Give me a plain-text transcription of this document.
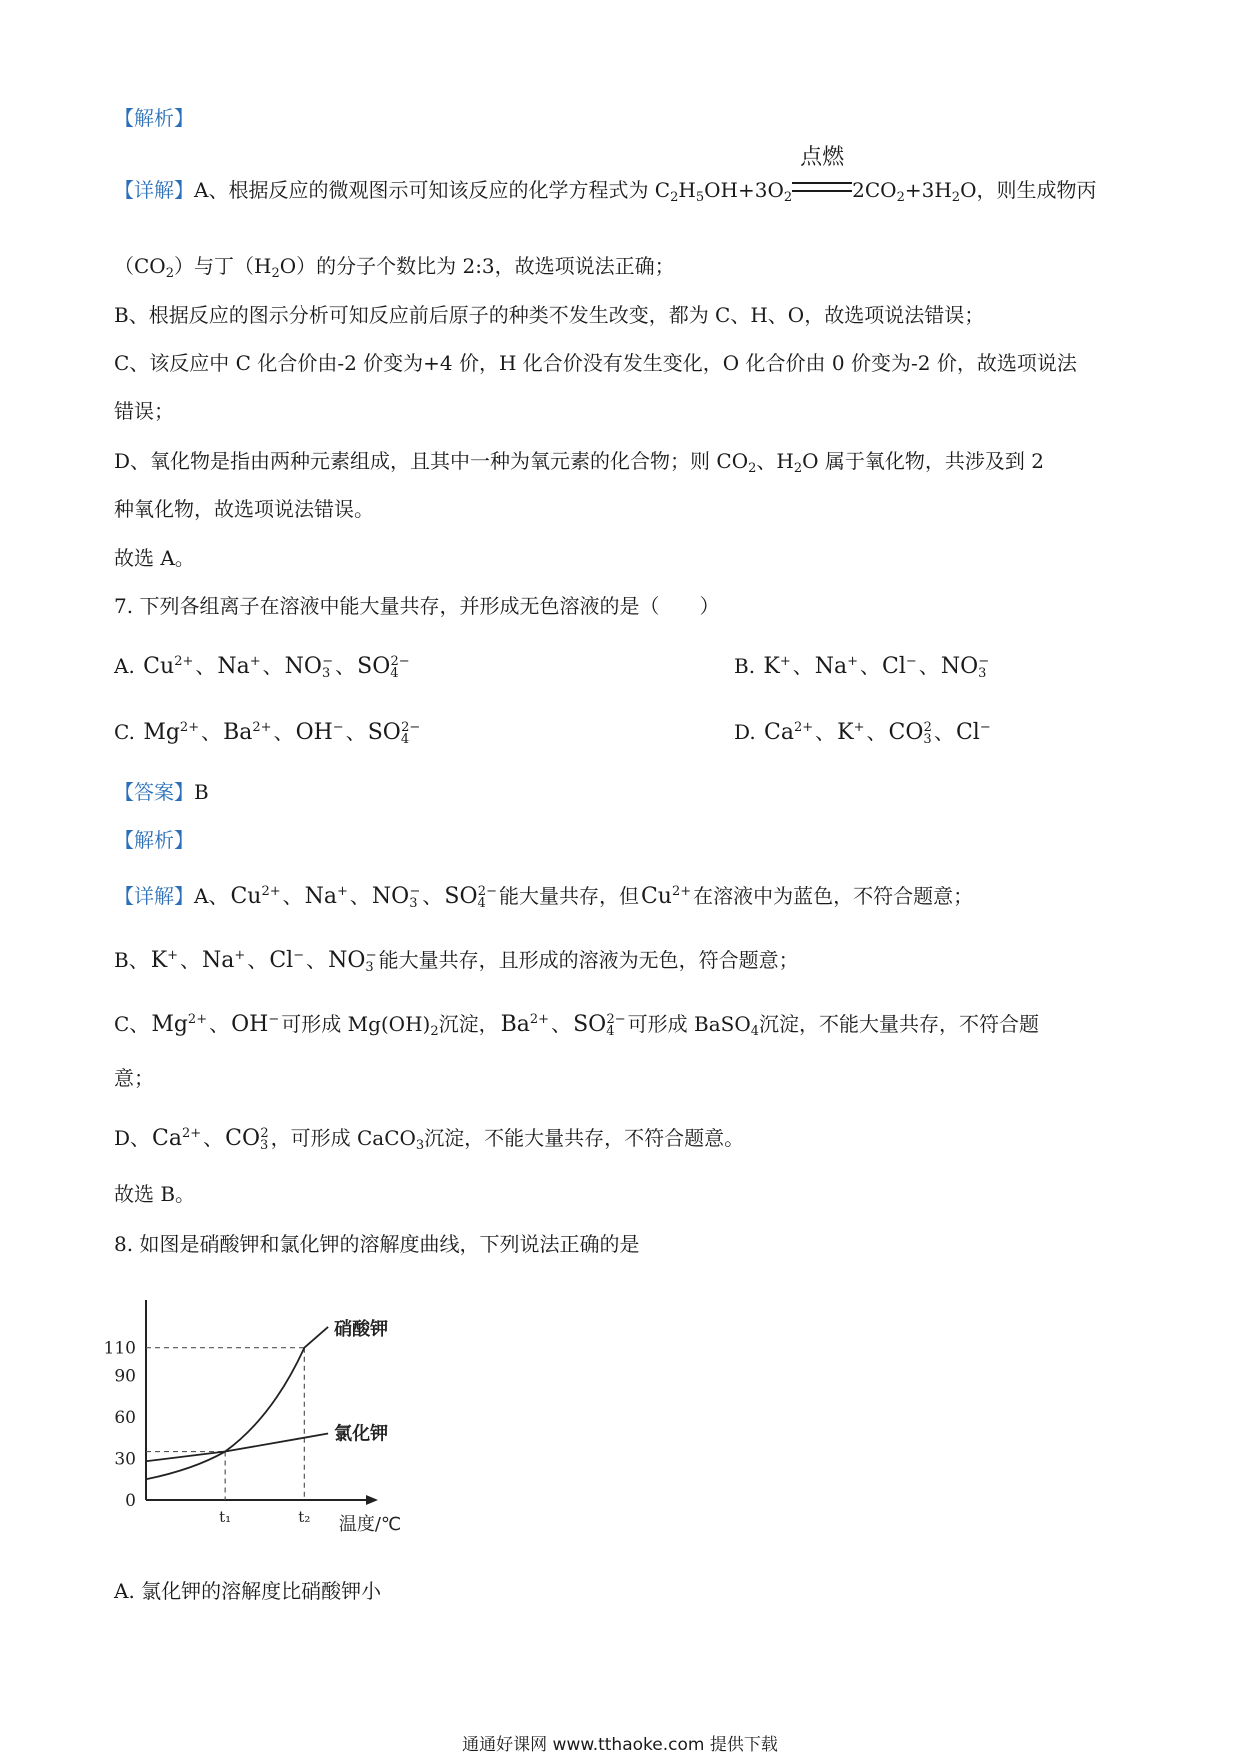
【解析】
【详解】A、根据反应的微观图示可知该反应的化学方程式为 $C_2H_5OH+3O_2$
点燃
$2CO_2+3H_2O$，则生成物丙
$(CO_2)$与丁$(H_2O)$的分子个数比为 2:3，故选项说法正确；
B、根据反应的图示分析可知反应前后原子的种类不发生改变，都为 C、H、O，故选项说法错误；
C、该反应中 C 化合价由-2 价变为+4 价，H 化合价没有发生变化，O 化合价由 0 价变为-2 价，故选项说法
错误；
D、氧化物是指由两种元素组成，且其中一种为氧元素的化合物；则 $CO_2$、$H_2O$ 属于氧化物，共涉及到 2
种氧化物，故选项说法错误。
故选 A。
7. 下列各组离子在溶液中能大量共存，并形成无色溶液的是（　　）
A. $Cu^{2+}$ 、Na+ 、$NO_3^-$ 、$SO_4^{2-}$	B. K+ 、Na+ 、Cl− 、$NO_3^-$
C. $Mg^{2+}$ 、$Ba^{2+}$ 、OH− 、$SO_4^{2-}$	D. $Ca^{2+}$ 、K+ 、$CO_3^2$ 、Cl−
【答案】B
【解析】
【详解】A、$Cu^{2+}$ 、Na+ 、$NO_3^-$ 、$SO_4^{2-}$ 能大量共存，但$Cu^{2+}$ 在溶液中为蓝色，不符合题意；
B、K+ 、Na+ 、Cl− 、$NO_3^-$ 能大量共存，且形成的溶液为无色，符合题意；
C、$Mg^{2+}$ 、OH− 可形成 $Mg(OH)_2$沉淀，$Ba^{2+}$ 、$SO_4^{2-}$ 可形成 BaSO$_4$沉淀，不能大量共存，不符合题
意；
D、$Ca^{2+}$ 、$CO_3^2$ ，可形成 CaCO$_3$沉淀，不能大量共存，不符合题意。
故选 B。
8. 如图是硝酸钾和氯化钾的溶解度曲线，下列说法正确的是
0
30
60
90
110
t₁	t₂
硝酸钾
氯化钾
温度/℃
A. 氯化钾的溶解度比硝酸钾小
通通好课网 www.tthaoke.com 提供下载
